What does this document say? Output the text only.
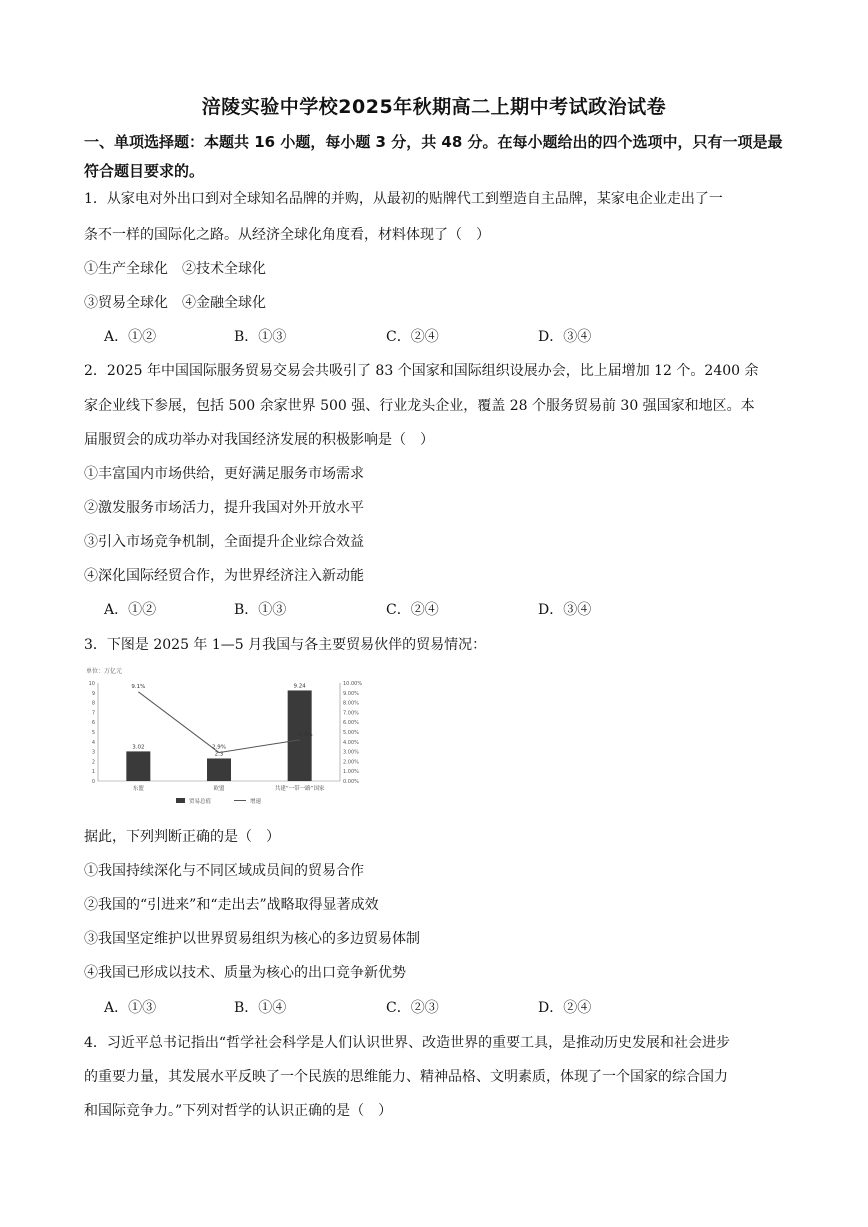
涪陵实验中学校2025年秋期高二上期中考试政治试卷
一、单项选择题：本题共 16 小题，每小题 3 分，共 48 分。在每小题给出的四个选项中，只有一项是最符合题目要求的。
1．从家电对外出口到对全球知名品牌的并购，从最初的贴牌代工到塑造自主品牌，某家电企业走出了一
条不一样的国际化之路。从经济全球化角度看，材料体现了（　）
①生产全球化　②技术全球化
③贸易全球化　④金融全球化
A．①②	B．①③	C．②④	D．③④
2．2025 年中国国际服务贸易交易会共吸引了 83 个国家和国际组织设展办会，比上届增加 12 个。2400 余
家企业线下参展，包括 500 余家世界 500 强、行业龙头企业，覆盖 28 个服务贸易前 30 强国家和地区。本
届服贸会的成功举办对我国经济发展的积极影响是（　）
①丰富国内市场供给，更好满足服务市场需求
②激发服务市场活力，提升我国对外开放水平
③引入市场竞争机制，全面提升企业综合效益
④深化国际经贸合作，为世界经济注入新动能
A．①②	B．①③	C．②④	D．③④
3．下图是 2025 年 1—5 月我国与各主要贸易伙伴的贸易情况：
单位：万亿元
0
1
2
3
4
5
6
7
8
9
10
0.00%
1.00%
2.00%
3.00%
4.00%
5.00%
6.00%
7.00%
8.00%
9.00%
10.00%
3.02
东盟
2.3
欧盟
9.24
共建“一带一路”国家
9.1%
2.9%
4.2%
贸易总值	增速
据此，下列判断正确的是（　）
①我国持续深化与不同区域成员间的贸易合作
②我国的“引进来”和“走出去”战略取得显著成效
③我国坚定维护以世界贸易组织为核心的多边贸易体制
④我国已形成以技术、质量为核心的出口竞争新优势
A．①③	B．①④	C．②③	D．②④
4．习近平总书记指出“哲学社会科学是人们认识世界、改造世界的重要工具，是推动历史发展和社会进步
的重要力量，其发展水平反映了一个民族的思维能力、精神品格、文明素质，体现了一个国家的综合国力
和国际竞争力。”下列对哲学的认识正确的是（　）
